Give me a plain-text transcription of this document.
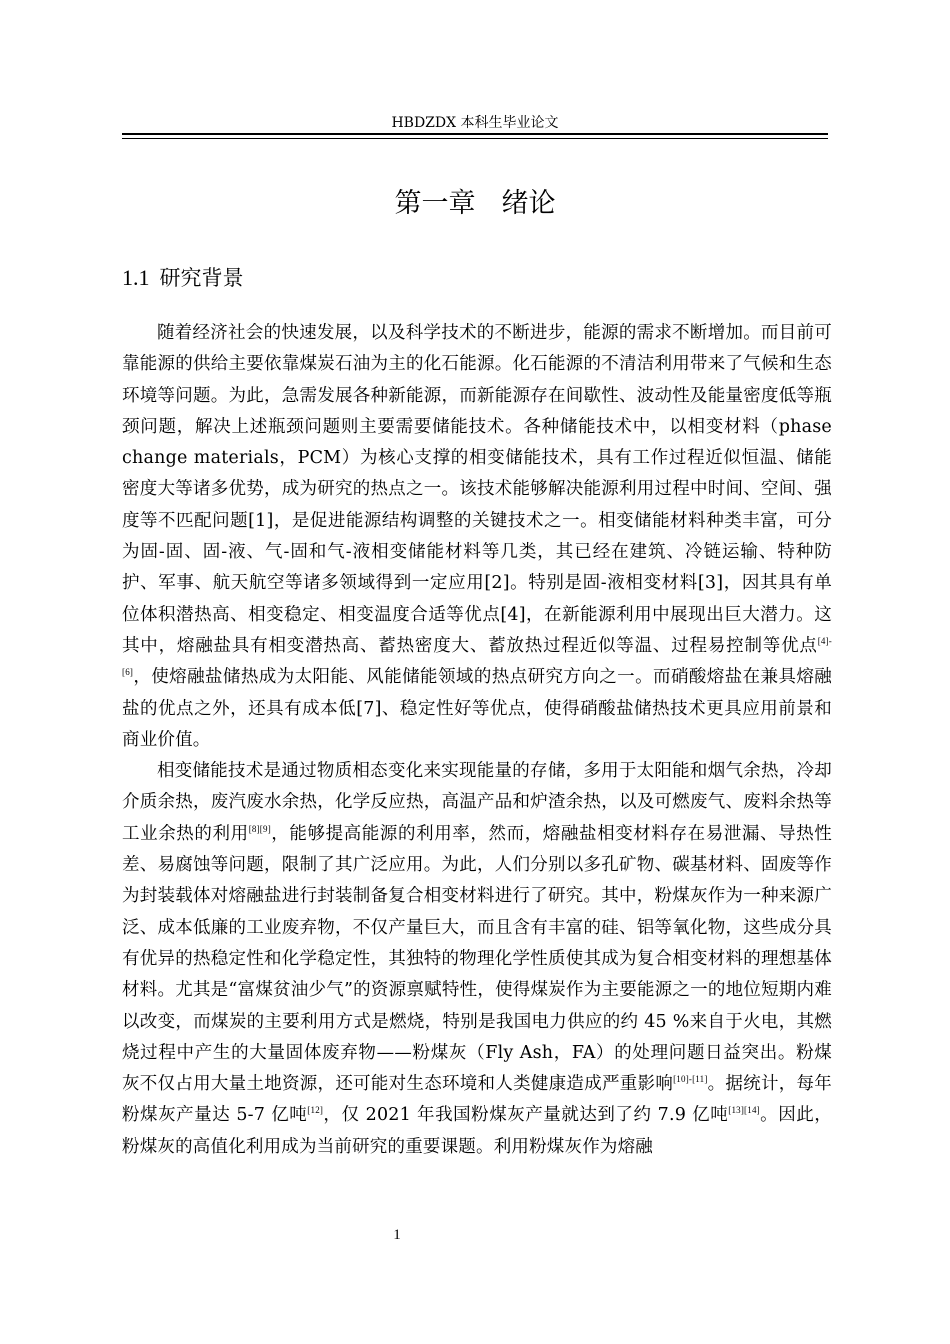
HBDZDX 本科生毕业论文
第一章 绪论
1.1 研究背景

随着经济社会的快速发展，以及科学技术的不断进步，能源的需求不断增加。而目前可靠能源的供给主要依靠煤炭石油为主的化石能源。化石能源的不清洁利用带来了气候和生态环境等问题。为此，急需发展各种新能源，而新能源存在间歇性、波动性及能量密度低等瓶颈问题，解决上述瓶颈问题则主要需要储能技术。各种储能技术中，以相变材料（phase change materials，PCM）为核心支撑的相变储能技术，具有工作过程近似恒温、储能密度大等诸多优势，成为研究的热点之一。该技术能够解决能源利用过程中时间、空间、强度等不匹配问题[1]，是促进能源结构调整的关键技术之一。相变储能材料种类丰富，可分为固-固、固-液、气-固和气-液相变储能材料等几类，其已经在建筑、冷链运输、特种防护、军事、航天航空等诸多领域得到一定应用[2]。特别是固-液相变材料[3]，因其具有单位体积潜热高、相变稳定、相变温度合适等优点[4]，在新能源利用中展现出巨大潜力。这其中，熔融盐具有相变潜热高、蓄热密度大、蓄放热过程近似等温、过程易控制等优点[4]-[6]，使熔融盐储热成为太阳能、风能储能领域的热点研究方向之一。而硝酸熔盐在兼具熔融盐的优点之外，还具有成本低[7]、稳定性好等优点，使得硝酸盐储热技术更具应用前景和商业价值。

相变储能技术是通过物质相态变化来实现能量的存储，多用于太阳能和烟气余热，冷却介质余热，废汽废水余热，化学反应热，高温产品和炉渣余热，以及可燃废气、废料余热等工业余热的利用[8][9]，能够提高能源的利用率，然而，熔融盐相变材料存在易泄漏、导热性差、易腐蚀等问题，限制了其广泛应用。为此，人们分别以多孔矿物、碳基材料、固废等作为封装载体对熔融盐进行封装制备复合相变材料进行了研究。其中，粉煤灰作为一种来源广泛、成本低廉的工业废弃物，不仅产量巨大，而且含有丰富的硅、铝等氧化物，这些成分具有优异的热稳定性和化学稳定性，其独特的物理化学性质使其成为复合相变材料的理想基体材料。尤其是“富煤贫油少气”的资源禀赋特性，使得煤炭作为主要能源之一的地位短期内难以改变，而煤炭的主要利用方式是燃烧，特别是我国电力供应的约 45 %来自于火电，其燃烧过程中产生的大量固体废弃物——粉煤灰（Fly Ash，FA）的处理问题日益突出。粉煤灰不仅占用大量土地资源，还可能对生态环境和人类健康造成严重影响[10]-[11]。据统计，每年粉煤灰产量达 5-7 亿吨[12]，仅 2021 年我国粉煤灰产量就达到了约 7.9 亿吨[13][14]。因此，粉煤灰的高值化利用成为当前研究的重要课题。利用粉煤灰作为熔融

1
